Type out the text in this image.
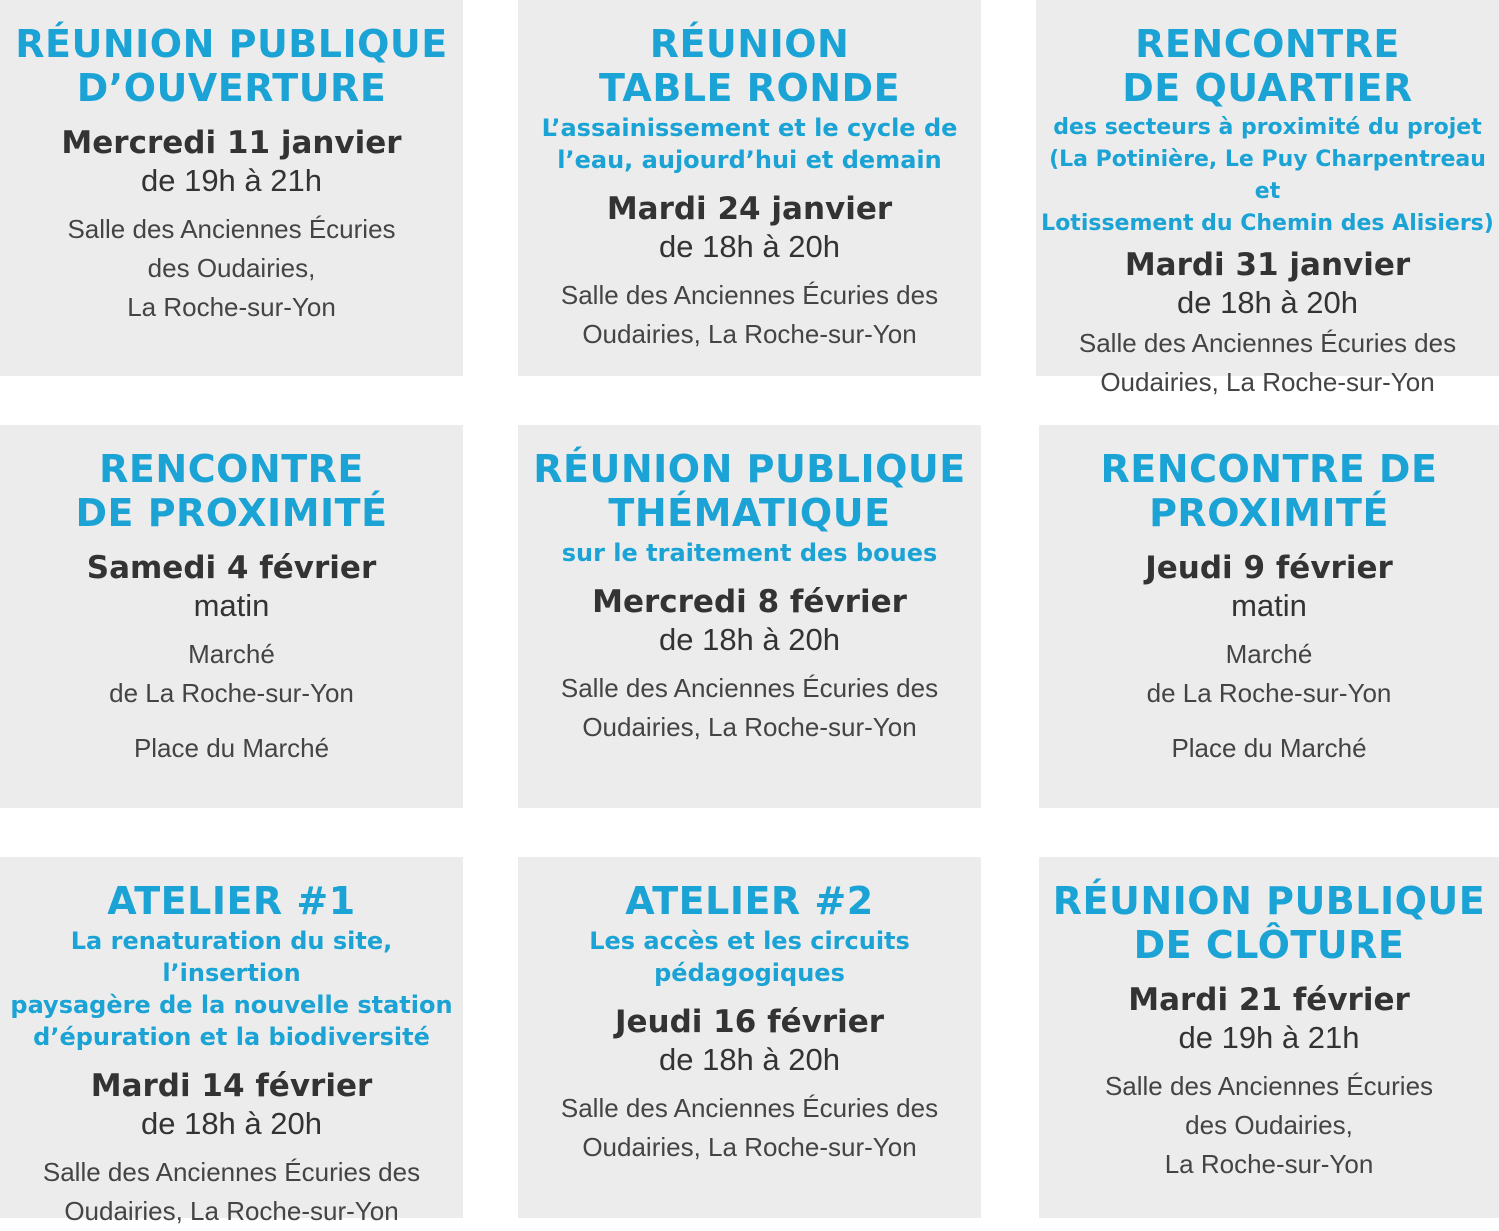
RÉUNION PUBLIQUE
D’OUVERTURE
Mercredi 11 janvier
de 19h à 21h
Salle des Anciennes Écuries
des Oudairies,
La Roche-sur-Yon
RÉUNION
TABLE RONDE
L’assainissement et le cycle de
l’eau, aujourd’hui et demain
Mardi 24 janvier
de 18h à 20h
Salle des Anciennes Écuries des
Oudairies, La Roche-sur-Yon
RENCONTRE
DE QUARTIER
des secteurs à proximité du projet
(La Potinière, Le Puy Charpentreau et
Lotissement du Chemin des Alisiers)
Mardi 31 janvier
de 18h à 20h
Salle des Anciennes Écuries des
Oudairies, La Roche-sur-Yon
RENCONTRE
DE PROXIMITÉ
Samedi 4 février
matin
Marché
de La Roche-sur-Yon
Place du Marché
RÉUNION PUBLIQUE
THÉMATIQUE
sur le traitement des boues
Mercredi 8 février
de 18h à 20h
Salle des Anciennes Écuries des
Oudairies, La Roche-sur-Yon
RENCONTRE DE
PROXIMITÉ
Jeudi 9 février
matin
Marché
de La Roche-sur-Yon
Place du Marché
ATELIER #1
La renaturation du site, l’insertion
paysagère de la nouvelle station
d’épuration et la biodiversité
Mardi 14 février
de 18h à 20h
Salle des Anciennes Écuries des
Oudairies, La Roche-sur-Yon
ATELIER #2
Les accès et les circuits
pédagogiques
Jeudi 16 février
de 18h à 20h
Salle des Anciennes Écuries des
Oudairies, La Roche-sur-Yon
RÉUNION PUBLIQUE
DE CLÔTURE
Mardi 21 février
de 19h à 21h
Salle des Anciennes Écuries
des Oudairies,
La Roche-sur-Yon
